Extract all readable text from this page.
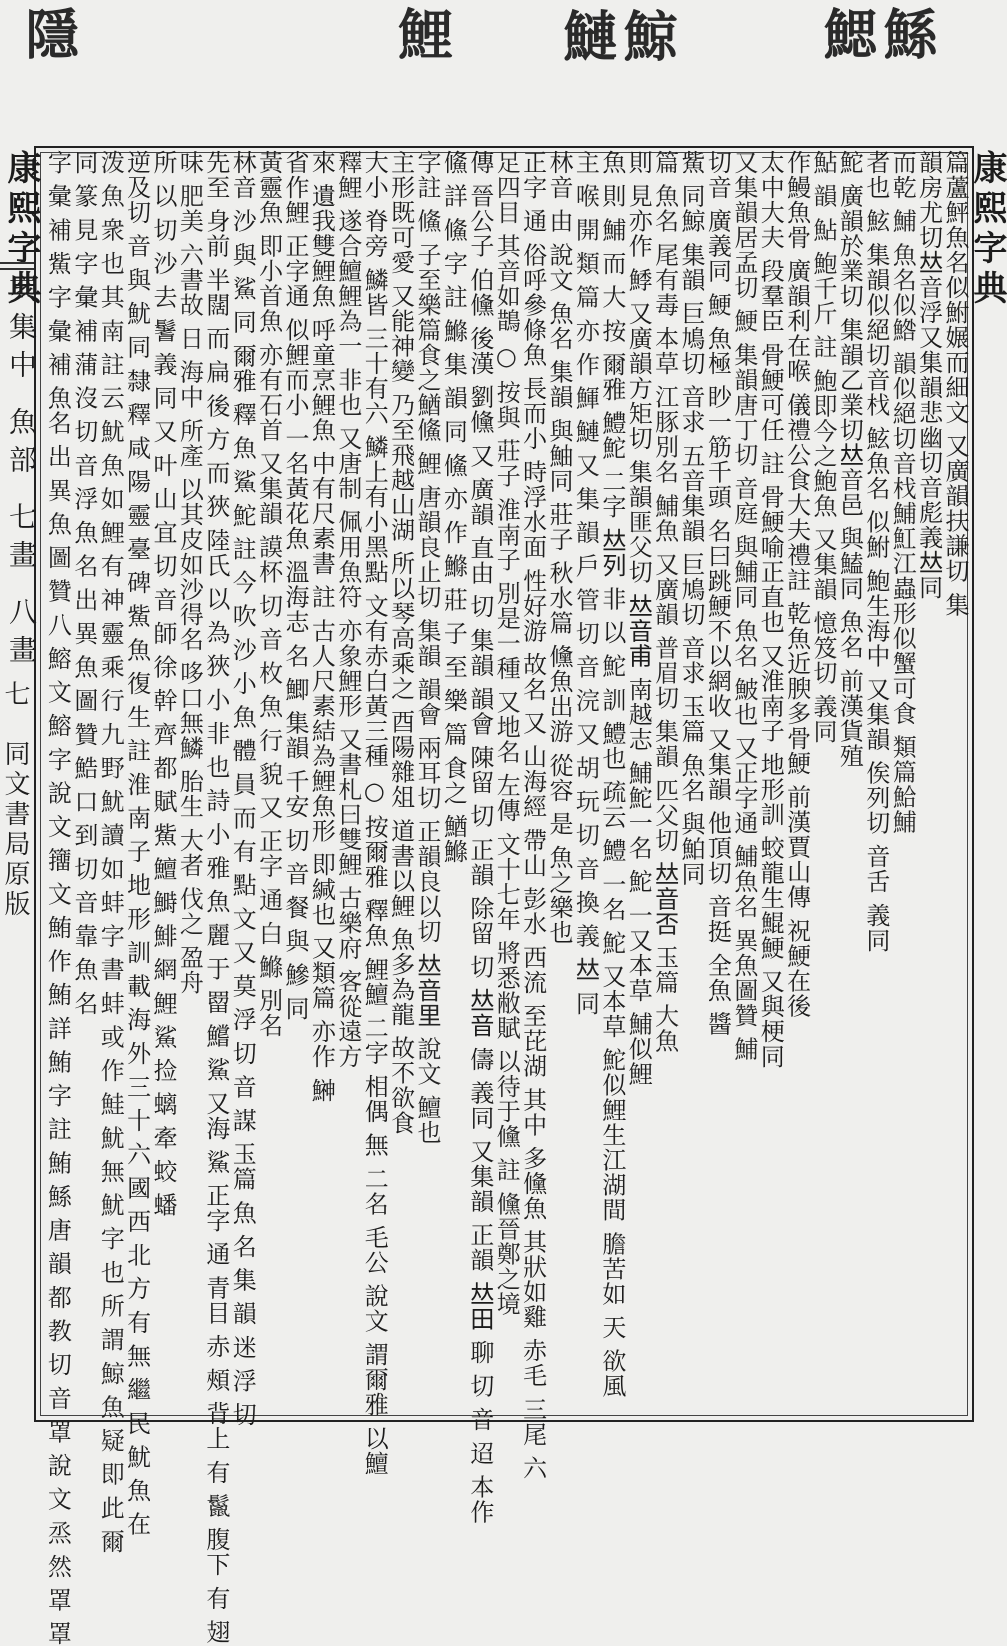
隱	鯉 鰱
鯨	鰓
鯀
康熙字典
康熙字典
亥集中 魚部 七畫 八畫
七
同文書局原版
篇蘆鮃魚名似鮒㜊而細文 又廣韻扶謙切 集
韻房尤切𠀤音浮又集韻悲幽切音彪義𠀤同
而乾 鯆 魚名似鯦 韻似絕切音𣏾鯆魟江蟲形似蟹可食 類篇鮯鯆
者也 鮌 集韻似絕切音𣏾 鮌魚名 似鮒 鮑生海中 又集韻 俟列切 音舌 義同
鮀 廣韻於業切 集韻乙業切𠀤音邑 與鰪同 魚名 前漢貨殖
鮎 韻 鮎 鮑千斤 註 鮑即今之鮑魚 又集韻 憶笈切 義同
作鰻魚骨 廣韻利在喉 儀禮公食大夫禮註 乾魚近腴多骨鯁 前漢賈山傳 祝鯁在後
太中大夫 段羣臣 骨鯁可任 註 骨鯁喻正直也 又淮南子 地形訓 蛟龍生鯤鯁 又與梗同
又集韻居孟切 鯁 集韻唐丁切 音庭 與鯆同 魚名 鮍也 又正字通 鯆魚名 異魚圖贊 鯆
切音 廣義同 鯁 魚極 眇一筋千頭 名曰跳鯁不以網收 又集韻 他頂切 音挺 全魚 醬
鮆 同鯨 集韻 巨鳩切 音求 五音集韻 巨鳩切 音求 玉篇 魚名 與鮊同
篇 魚名 尾有毒 本草 江豚別名 鯆魚 又廣韻 普眉切 集韻 匹父切 𠀤音否 玉篇 大魚
則 見亦作 鯚 又廣韻方矩切 集韻匪父切 𠀤音甫 南越志 鯆鮀一名 鮀 一又本草 鯆似鯉
魚 則 鯆 而 大 按 爾雅 鱧鮀 二字 𠀤列 非 以 鮀 訓 鱧也 疏云 鱧 一名 鮀 又本草 鮀似鯉生江湖間 膽苦如 天 欲風
主 喉 開 類 篇 亦 作 鯶 鰱 又 集 韻 戶 管 切 音 浣 又 胡 玩 切 音 換 義 𠀤 同
林音 由 說文 魚名 集韻 與鮋同 莊子 秋水篇 儵魚出游 從容 是 魚之樂也
正字 通 俗呼參條魚 長而小 時浮水面 性好游 故名 又 山海經 帶山 彭水 西流 至芘湖 其中 多儵魚 其狀如雞 赤毛 三尾 六
足四目 其音如鵲 ○ 按與 莊子 淮南子 別是一種 又地名 左傳 文十七年 將悉敝賦 以待于儵 註 儵晉鄭之境
傳 晉公子 伯儵 後漢 劉儵 又 廣韻 直由 切 集韻 韻會 陳留 切 正韻 除留 切 𠀤音 儔 義同 又集韻 正韻 𠀤田 聊 切 音 迢 本作
鯈 詳 鯈 字 註 鰷 集 韻 同 鯈 亦 作 鰷 莊 子 至 樂 篇 食之 鰌鰷
字註 鯈 子至樂篇食之鰌鯈 鯉 唐韻良止切 集韻 韻會 兩耳切 正韻良以切 𠀤音里 說文 鱣也
主形既可愛 又能神變 乃至飛越山湖 所以琴高乘之 酉陽雜俎 道書以鯉 魚多為龍 故不欲食
大小 脊旁 鱗皆 三十有六 鱗上有小黑點 文有赤白黃三種 ○ 按爾雅 釋魚 鯉鱣 二字 相偶 無 二名 毛公 說文 謂爾雅 以鱣
釋鯉 遂合鱣鯉為一 非也 又唐制 佩用魚符 亦象鯉形 又書札曰雙鯉 古樂府 客從遠方
來 遺我雙鯉魚 呼童烹鯉魚 中有尺素書 註 古人尺素結為鯉魚形 即緘也 又類篇 亦作 鰰
省作鯉 正字通 似鯉而小 一名黃花魚 溫海志 名 鯽 集韻 千安 切 音 餐 與 鰺 同
黃靈魚 即小首魚 亦有石首 又集韻 謨杯 切 音 枚 魚 行 貌 又 正字 通 白 鰷 別名
林音 沙 與 鯊 同 爾雅 釋 魚 鯊 鮀 註 今 吹 沙 小 魚 體 員 而 有 點 文 又 莫 浮 切 音 謀 玉篇 魚 名 集 韻 迷 浮 切
先至 身前 半闊 而 扁 後 方 而 狹 陸氏 以 為 狹 小 非 也 詩 小 雅 魚 麗 于 罶 鱨 鯊 又海 鯊 正字 通 青目 赤 頰 背上 有 鬣 腹下 有 翅
味 肥美 六書故 日 海中 所產 以其皮如沙得名 哆口無鱗 胎生 大者 伐之 盈舟
所 以 切 沙 去 鬐 義 同 又 叶 山 宜 切 音 師 徐 幹 齊 都 賦 鮆 鱣 鰣 鯡 網 鯉 鯊 捡 螭 牽 蛟 蟠
逆及切 音 與 魷 同 隸 釋 咸 陽 靈 臺 碑 鮆 魚 復 生 註 淮 南 子 地 形 訓 載 海 外 三 十 六 國 西 北 方 有 無 繼 民 魷 魚 在
泼 魚 衆 也 其 南 註 云 魷 魚 如 鯉 有 神 靈 乘 行 九 野 魷 讀 如 蚌 字 書 蚌 或 作 鮭 魷 無 魷 字 也 所 謂 鯨 魚 疑 即 此 爾
同 篆 見 字 彙 補 蒲 沒 切 音 浮 魚 名 出 異 魚 圖 贊 鯌 口 到 切 音 靠 魚 名
字 彙 補 鮆 字 彙 補 魚名 出 異 魚 圖 贊 八 鰫 文 鰫 字 說 文 籒 文 鮪 作 鮪 詳 鮪 字 註 鮪 鯀 唐 韻 都 教 切 音 罩 說 文 烝 然 罩 罩
